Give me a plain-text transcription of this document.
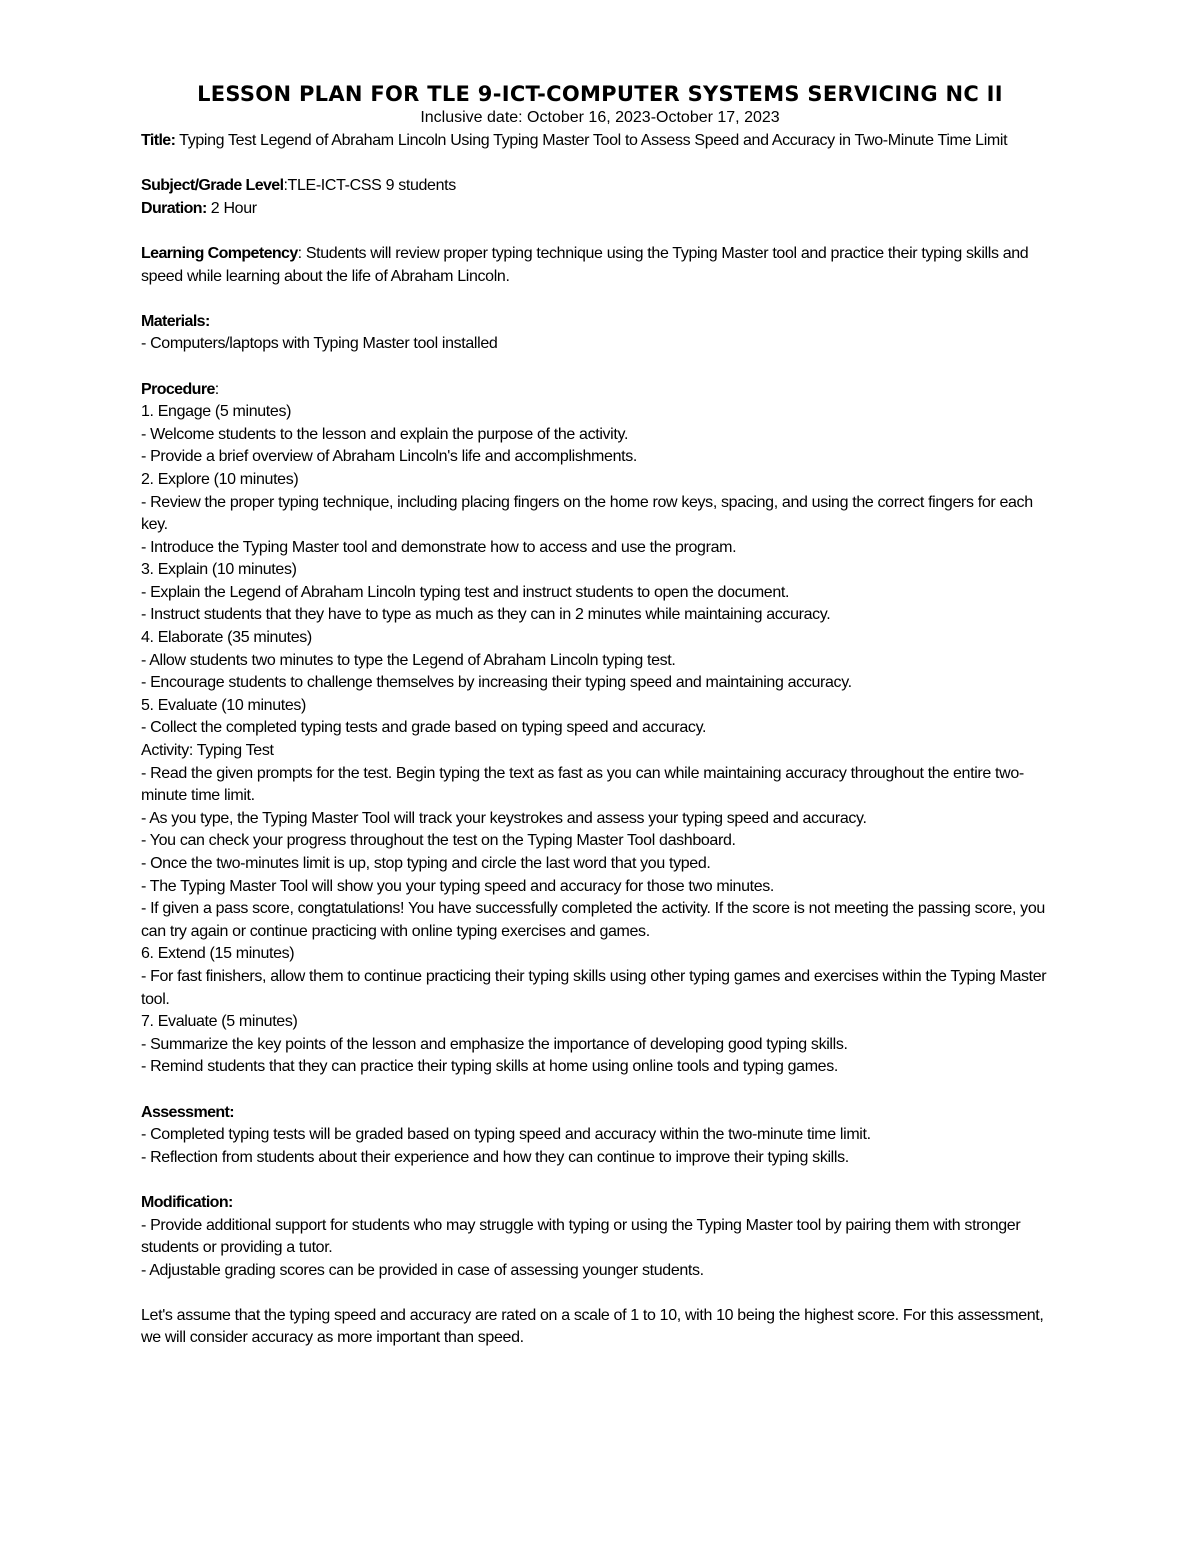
LESSON PLAN FOR TLE 9-ICT-COMPUTER SYSTEMS SERVICING NC II
Inclusive date: October 16, 2023-October 17, 2023
Title: Typing Test Legend of Abraham Lincoln Using Typing Master Tool to Assess Speed and Accuracy in Two-Minute Time Limit
Subject/Grade Level:TLE-ICT-CSS 9 students
Duration: 2 Hour
Learning Competency: Students will review proper typing technique using the Typing Master tool and practice their typing skills and speed while learning about the life of Abraham Lincoln.
Materials:
- Computers/laptops with Typing Master tool installed
Procedure:
1. Engage (5 minutes)
- Welcome students to the lesson and explain the purpose of the activity.
- Provide a brief overview of Abraham Lincoln's life and accomplishments.
2. Explore (10 minutes)
- Review the proper typing technique, including placing fingers on the home row keys, spacing, and using the correct fingers for each key.
- Introduce the Typing Master tool and demonstrate how to access and use the program.
3. Explain (10 minutes)
- Explain the Legend of Abraham Lincoln typing test and instruct students to open the document.
- Instruct students that they have to type as much as they can in 2 minutes while maintaining accuracy.
4. Elaborate (35 minutes)
- Allow students two minutes to type the Legend of Abraham Lincoln typing test.
- Encourage students to challenge themselves by increasing their typing speed and maintaining accuracy.
5. Evaluate (10 minutes)
- Collect the completed typing tests and grade based on typing speed and accuracy.
Activity: Typing Test
- Read the given prompts for the test. Begin typing the text as fast as you can while maintaining accuracy throughout the entire two-minute time limit.
- As you type, the Typing Master Tool will track your keystrokes and assess your typing speed and accuracy.
- You can check your progress throughout the test on the Typing Master Tool dashboard.
- Once the two-minutes limit is up, stop typing and circle the last word that you typed.
- The Typing Master Tool will show you your typing speed and accuracy for those two minutes.
- If given a pass score, congtatulations! You have successfully completed the activity. If the score is not meeting the passing score, you can try again or continue practicing with online typing exercises and games.
6. Extend (15 minutes)
- For fast finishers, allow them to continue practicing their typing skills using other typing games and exercises within the Typing Master tool.
7. Evaluate (5 minutes)
- Summarize the key points of the lesson and emphasize the importance of developing good typing skills.
- Remind students that they can practice their typing skills at home using online tools and typing games.
Assessment:
- Completed typing tests will be graded based on typing speed and accuracy within the two-minute time limit.
- Reflection from students about their experience and how they can continue to improve their typing skills.
Modification:
- Provide additional support for students who may struggle with typing or using the Typing Master tool by pairing them with stronger students or providing a tutor.
- Adjustable grading scores can be provided in case of assessing younger students.
Let's assume that the typing speed and accuracy are rated on a scale of 1 to 10, with 10 being the highest score. For this assessment, we will consider accuracy as more important than speed.
